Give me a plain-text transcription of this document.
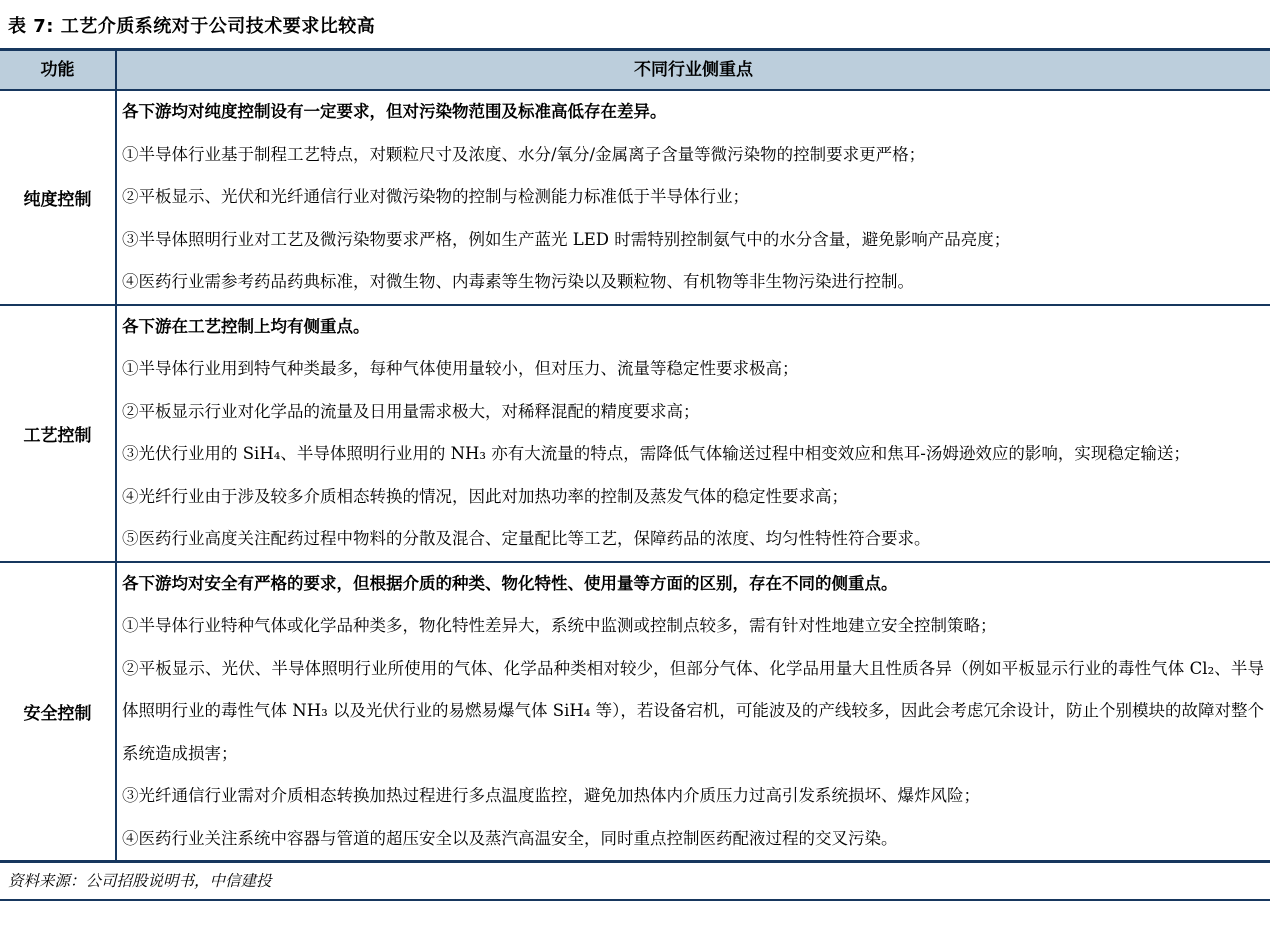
表 7: 工艺介质系统对于公司技术要求比较高
功能	不同行业侧重点
纯度控制

各下游均对纯度控制设有一定要求，但对污染物范围及标准高低存在差异。

①半导体行业基于制程工艺特点，对颗粒尺寸及浓度、水分/氧分/金属离子含量等微污染物的控制要求更严格；

②平板显示、光伏和光纤通信行业对微污染物的控制与检测能力标准低于半导体行业；

③半导体照明行业对工艺及微污染物要求严格，例如生产蓝光 LED 时需特别控制氨气中的水分含量，避免影响产品亮度；

④医药行业需参考药品药典标准，对微生物、内毒素等生物污染以及颗粒物、有机物等非生物污染进行控制。

工艺控制

各下游在工艺控制上均有侧重点。

①半导体行业用到特气种类最多，每种气体使用量较小，但对压力、流量等稳定性要求极高；

②平板显示行业对化学品的流量及日用量需求极大，对稀释混配的精度要求高；

③光伏行业用的 SiH₄、半导体照明行业用的 NH₃ 亦有大流量的特点，需降低气体输送过程中相变效应和焦耳-汤姆逊效应的影响，实现稳定输送；

④光纤行业由于涉及较多介质相态转换的情况，因此对加热功率的控制及蒸发气体的稳定性要求高；

⑤医药行业高度关注配药过程中物料的分散及混合、定量配比等工艺，保障药品的浓度、均匀性特性符合要求。

安全控制

各下游均对安全有严格的要求，但根据介质的种类、物化特性、使用量等方面的区别，存在不同的侧重点。

①半导体行业特种气体或化学品种类多，物化特性差异大，系统中监测或控制点较多，需有针对性地建立安全控制策略；

②平板显示、光伏、半导体照明行业所使用的气体、化学品种类相对较少，但部分气体、化学品用量大且性质各异（例如平板显示行业的毒性气体 Cl₂、半导体照明行业的毒性气体 NH₃ 以及光伏行业的易燃易爆气体 SiH₄ 等），若设备宕机，可能波及的产线较多，因此会考虑冗余设计，防止个别模块的故障对整个系统造成损害；

③光纤通信行业需对介质相态转换加热过程进行多点温度监控，避免加热体内介质压力过高引发系统损坏、爆炸风险；

④医药行业关注系统中容器与管道的超压安全以及蒸汽高温安全，同时重点控制医药配液过程的交叉污染。

资料来源：公司招股说明书，中信建投
